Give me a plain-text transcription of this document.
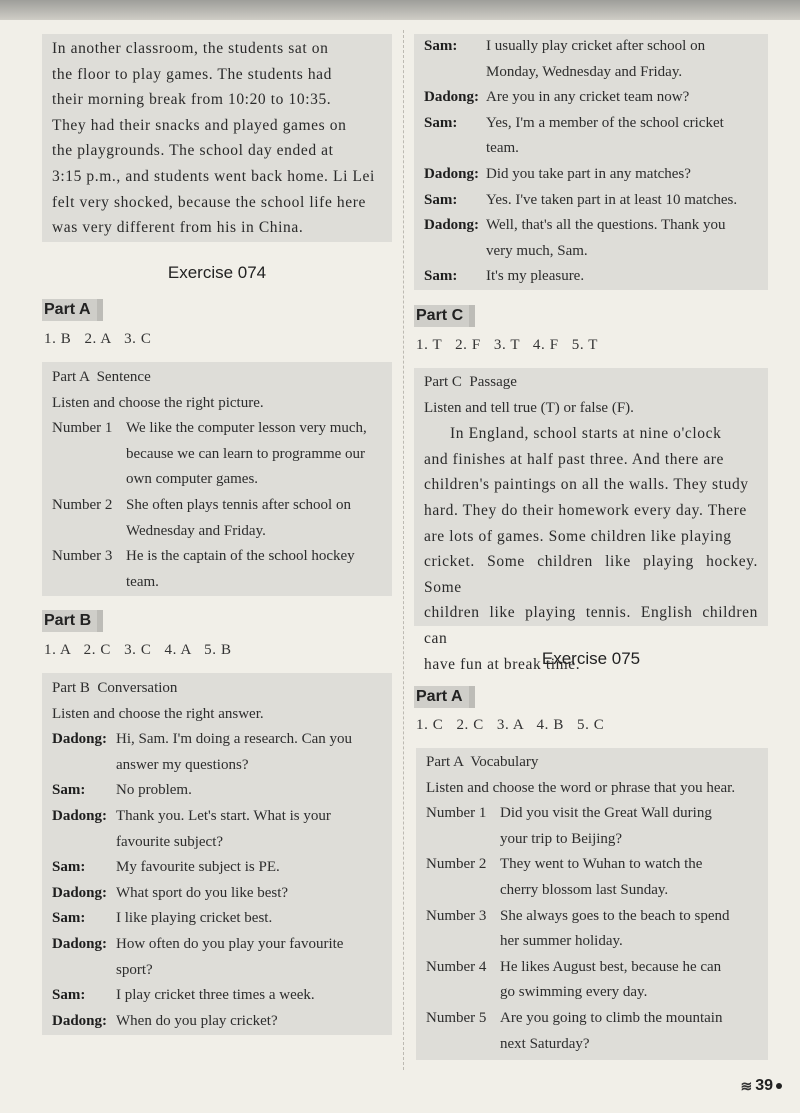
In another classroom, the students sat on
the floor to play games. The students had
their morning break from 10:20 to 10:35.
They had their snacks and played games on
the playgrounds. The school day ended at
3:15 p.m., and students went back home. Li Lei
felt very shocked, because the school life here
was very different from his in China.
Exercise 074
Part A
1. B   2. A   3. C
Part A  Sentence
Listen and choose the right picture.
Number 1 We like the computer lesson very much,
because we can learn to programme our
own computer games.
Number 2 She often plays tennis after school on
Wednesday and Friday.
Number 3 He is the captain of the school hockey
team.
Part B
1. A   2. C   3. C   4. A   5. B
Part B  Conversation
Listen and choose the right answer.
Dadong: Hi, Sam. I'm doing a research. Can you
answer my questions?
Sam:	No problem.
Dadong: Thank you. Let's start. What is your
favourite subject?
Sam:	My favourite subject is PE.
Dadong: What sport do you like best?
Sam:	I like playing cricket best.
Dadong: How often do you play your favourite
sport?
Sam:	I play cricket three times a week.
Dadong: When do you play cricket?
Sam:	I usually play cricket after school on
Monday, Wednesday and Friday.
Dadong: Are you in any cricket team now?
Sam:	Yes, I'm a member of the school cricket
team.
Dadong: Did you take part in any matches?
Sam:	Yes. I've taken part in at least 10 matches.
Dadong: Well, that's all the questions. Thank you
very much, Sam.
Sam:	It's my pleasure.
Part C
1. T   2. F   3. T   4. F   5. T
Part C  Passage
Listen and tell true (T) or false (F).
In England, school starts at nine o'clock
and finishes at half past three. And there are
children's paintings on all the walls. They study
hard. They do their homework every day. There
are lots of games. Some children like playing
cricket. Some children like playing hockey. Some
children like playing tennis. English children can
have fun at break time.
Exercise 075
Part A
1. C   2. C   3. A   4. B   5. C
Part A  Vocabulary
Listen and choose the word or phrase that you hear.
Number 1 Did you visit the Great Wall during
your trip to Beijing?
Number 2 They went to Wuhan to watch the
cherry blossom last Sunday.
Number 3 She always goes to the beach to spend
her summer holiday.
Number 4 He likes August best, because he can
go swimming every day.
Number 5 Are you going to climb the mountain
next Saturday?
≋ 39
